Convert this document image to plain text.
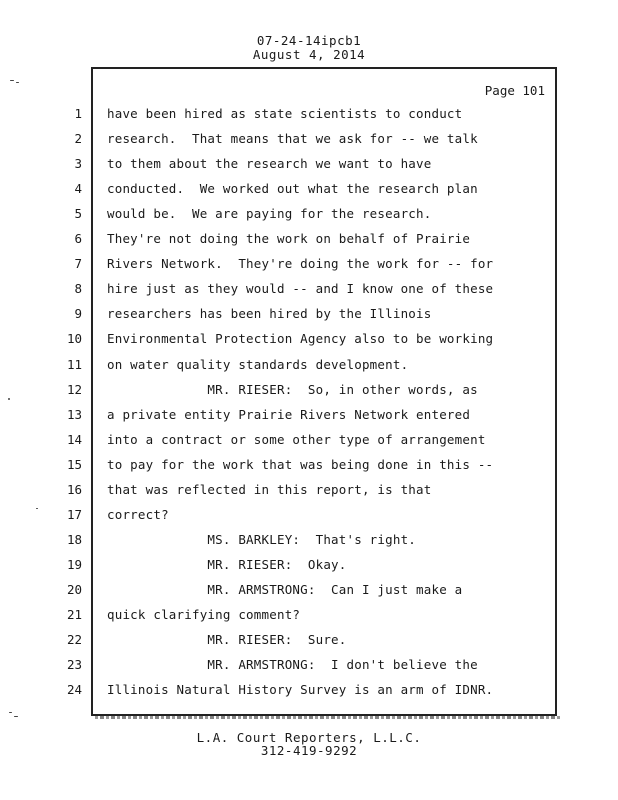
07-24-14ipcb1
August 4, 2014
Page 101
1 have been hired as state scientists to conduct
2 research.  That means that we ask for -- we talk
3 to them about the research we want to have
4 conducted.  We worked out what the research plan
5 would be.  We are paying for the research.
6 They're not doing the work on behalf of Prairie
7 Rivers Network.  They're doing the work for -- for
8 hire just as they would -- and I know one of these
9 researchers has been hired by the Illinois
10 Environmental Protection Agency also to be working
11 on water quality standards development.
12 MR. RIESER:  So, in other words, as
13 a private entity Prairie Rivers Network entered
14 into a contract or some other type of arrangement
15 to pay for the work that was being done in this --
16 that was reflected in this report, is that
17 correct?
18 MS. BARKLEY:  That's right.
19 MR. RIESER:  Okay.
20 MR. ARMSTRONG:  Can I just make a
21 quick clarifying comment?
22 MR. RIESER:  Sure.
23 MR. ARMSTRONG:  I don't believe the
24 Illinois Natural History Survey is an arm of IDNR.
L.A. Court Reporters, L.L.C.
312-419-9292
